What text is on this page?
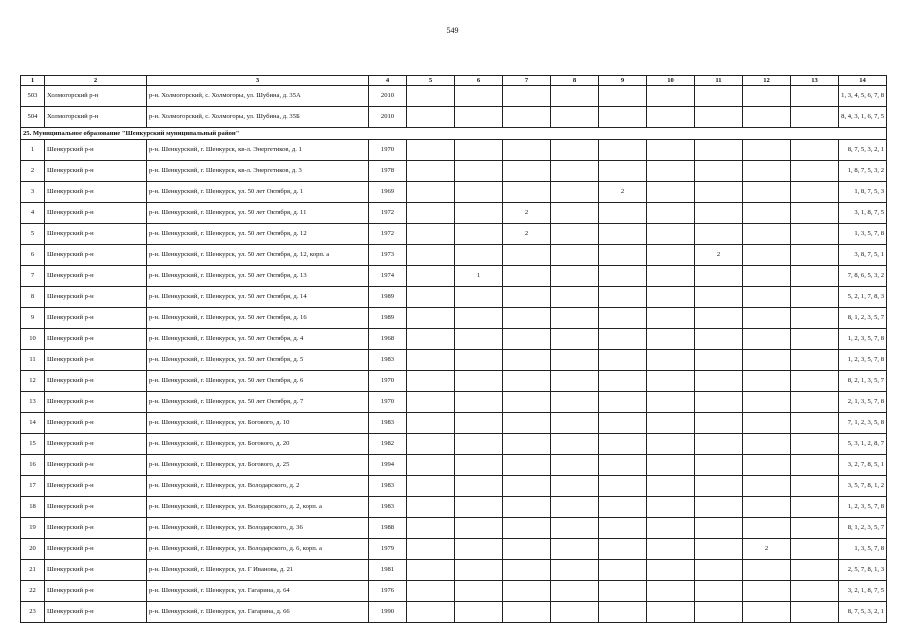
549
1	2	3	4	5	6	7	8	9	10	11	12	13	14
503	Холмогорский р-н	р-н. Холмогорский, с. Холмогоры, ул. Шубина, д. 35А	2010										1, 3, 4, 5, 6, 7, 8
504	Холмогорский р-н	р-н. Холмогорский, с. Холмогоры, ул. Шубина, д. 35Б	2010										8, 4, 3, 1, 6, 7, 5
25. Муниципальное образование "Шенкурский муниципальный район"													
1	Шенкурский р-н	р-н. Шенкурский, г. Шенкурск, кв-л. Энергетиков, д. 1	1970										8, 7, 5, 3, 2, 1
2	Шенкурский р-н	р-н. Шенкурский, г. Шенкурск, кв-л. Энергетиков, д. 3	1978										1, 8, 7, 5, 3, 2
3	Шенкурский р-н	р-н. Шенкурский, г. Шенкурск, ул. 50 лет Октября, д. 1	1969					2					1, 8, 7, 5, 3
4	Шенкурский р-н	р-н. Шенкурский, г. Шенкурск, ул. 50 лет Октября, д. 11	1972			2							3, 1, 8, 7, 5
5	Шенкурский р-н	р-н. Шенкурский, г. Шенкурск, ул. 50 лет Октября, д. 12	1972			2							1, 3, 5, 7, 8
6	Шенкурский р-н	р-н. Шенкурский, г. Шенкурск, ул. 50 лет Октября, д. 12, корп. а	1973							2			3, 8, 7, 5, 1
7	Шенкурский р-н	р-н. Шенкурский, г. Шенкурск, ул. 50 лет Октября, д. 13	1974		1								7, 8, 6, 5, 3, 2
8	Шенкурский р-н	р-н. Шенкурский, г. Шенкурск, ул. 50 лет Октября, д. 14	1989										5, 2, 1, 7, 8, 3
9	Шенкурский р-н	р-н. Шенкурский, г. Шенкурск, ул. 50 лет Октября, д. 16	1989										8, 1, 2, 3, 5, 7
10	Шенкурский р-н	р-н. Шенкурский, г. Шенкурск, ул. 50 лет Октября, д. 4	1968										1, 2, 3, 5, 7, 8
11	Шенкурский р-н	р-н. Шенкурский, г. Шенкурск, ул. 50 лет Октября, д. 5	1983										1, 2, 3, 5, 7, 8
12	Шенкурский р-н	р-н. Шенкурский, г. Шенкурск, ул. 50 лет Октября, д. 6	1970										8, 2, 1, 3, 5, 7
13	Шенкурский р-н	р-н. Шенкурский, г. Шенкурск, ул. 50 лет Октября, д. 7	1970										2, 1, 3, 5, 7, 8
14	Шенкурский р-н	р-н. Шенкурский, г. Шенкурск, ул. Богового, д. 10	1983										7, 1, 2, 3, 5, 8
15	Шенкурский р-н	р-н. Шенкурский, г. Шенкурск, ул. Богового, д. 20	1982										5, 3, 1, 2, 8, 7
16	Шенкурский р-н	р-н. Шенкурский, г. Шенкурск, ул. Богового, д. 25	1994										3, 2, 7, 8, 5, 1
17	Шенкурский р-н	р-н. Шенкурский, г. Шенкурск, ул. Володарского, д. 2	1983										3, 5, 7, 8, 1, 2
18	Шенкурский р-н	р-н. Шенкурский, г. Шенкурск, ул. Володарского, д. 2, корп. а	1983										1, 2, 3, 5, 7, 8
19	Шенкурский р-н	р-н. Шенкурский, г. Шенкурск, ул. Володарского, д. 36	1988										8, 1, 2, 3, 5, 7
20	Шенкурский р-н	р-н. Шенкурский, г. Шенкурск, ул. Володарского, д. 6, корп. а	1979								2		1, 3, 5, 7, 8
21	Шенкурский р-н	р-н. Шенкурский, г. Шенкурск, ул. Г Иванова, д. 21	1981										2, 5, 7, 8, 1, 3
22	Шенкурский р-н	р-н. Шенкурский, г. Шенкурск, ул. Гагарина, д. 64	1976										3, 2, 1, 8, 7, 5
23	Шенкурский р-н	р-н. Шенкурский, г. Шенкурск, ул. Гагарина, д. 66	1990										8, 7, 5, 3, 2, 1
